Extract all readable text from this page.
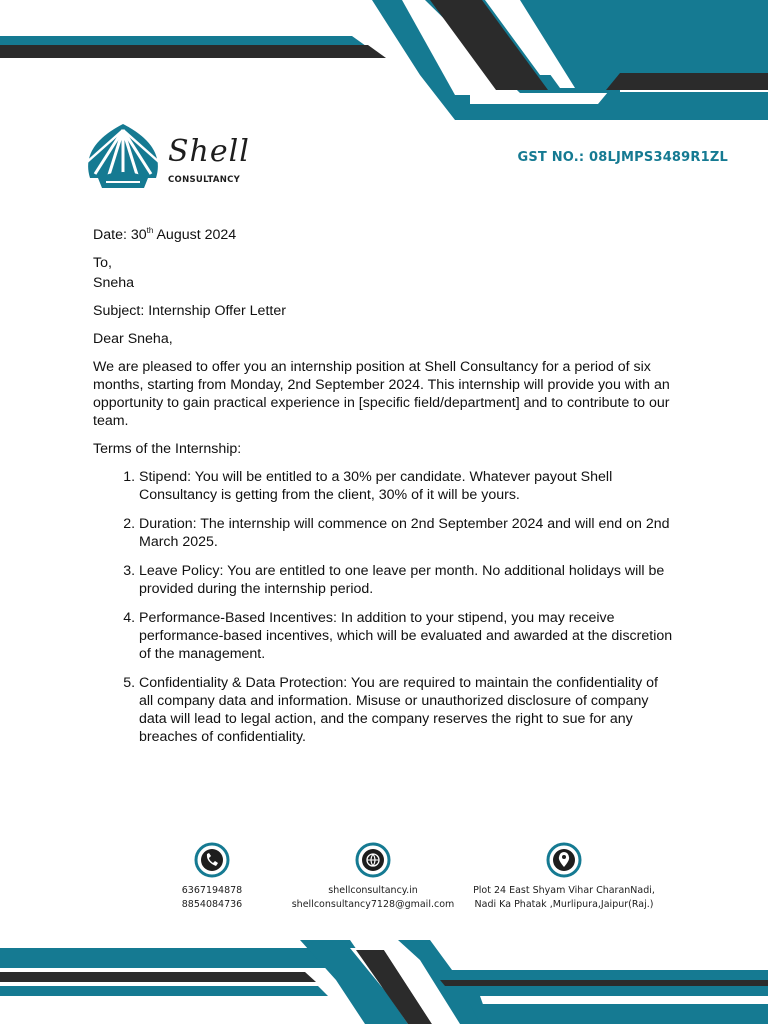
Shell
CONSULTANCY
GST NO.: 08LJMPS3489R1ZL

Date: 30th August 2024

To,

Sneha

Subject: Internship Offer Letter

Dear Sneha,

We are pleased to offer you an internship position at Shell Consultancy for a period of six months, starting from Monday, 2nd September 2024. This internship will provide you with an opportunity to gain practical experience in [specific field/department] and to contribute to our team.

Terms of the Internship:

1. Stipend: You will be entitled to a 30% per candidate. Whatever payout Shell Consultancy is getting from the client, 30% of it will be yours.
2. Duration: The internship will commence on 2nd September 2024 and will end on 2nd March 2025.
3. Leave Policy: You are entitled to one leave per month. No additional holidays will be provided during the internship period.
4. Performance-Based Incentives: In addition to your stipend, you may receive performance-based incentives, which will be evaluated and awarded at the discretion of the management.
5. Confidentiality & Data Protection: You are required to maintain the confidentiality of all company data and information. Misuse or unauthorized disclosure of company data will lead to legal action, and the company reserves the right to sue for any breaches of confidentiality.
6367194878
8854084736
shellconsultancy.in
shellconsultancy7128@gmail.com
Plot 24 East Shyam Vihar CharanNadi,
Nadi Ka Phatak ,Murlipura,Jaipur(Raj.)
